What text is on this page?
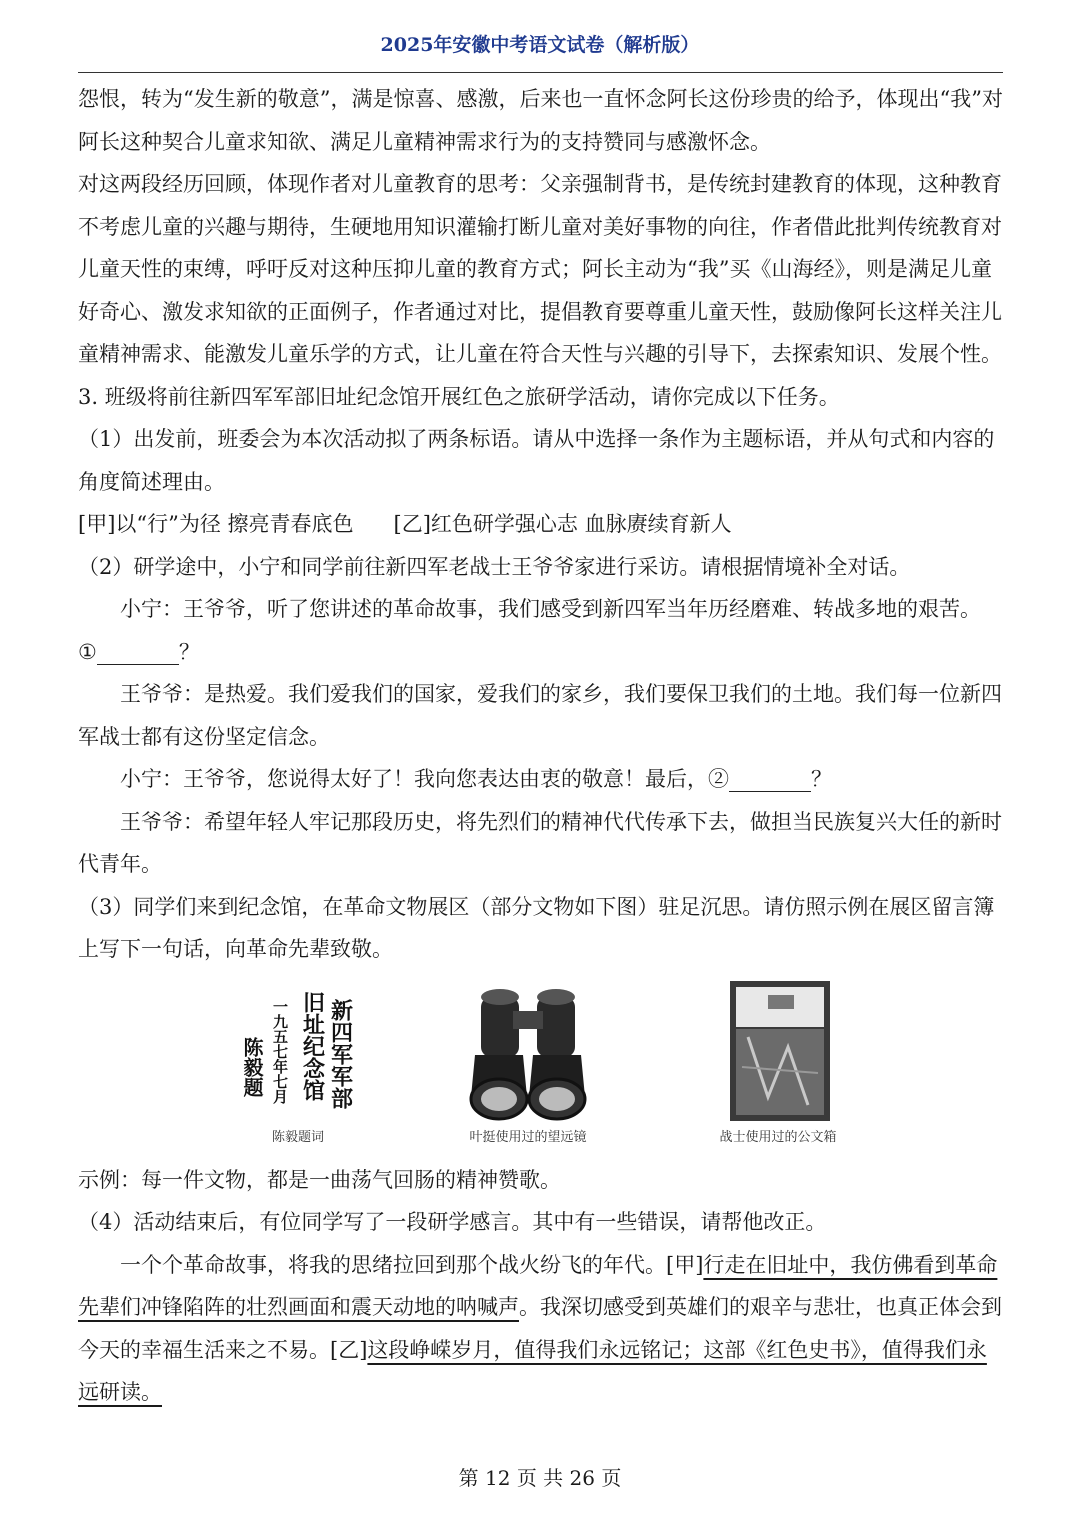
2025年安徽中考语文试卷（解析版）

怨恨，转为“发生新的敬意”，满是惊喜、感激，后来也一直怀念阿长这份珍贵的给予，体现出“我”对阿长这种契合儿童求知欲、满足儿童精神需求行为的支持赞同与感激怀念。

对这两段经历回顾，体现作者对儿童教育的思考：父亲强制背书，是传统封建教育的体现，这种教育不考虑儿童的兴趣与期待，生硬地用知识灌输打断儿童对美好事物的向往，作者借此批判传统教育对儿童天性的束缚，呼吁反对这种压抑儿童的教育方式；阿长主动为“我”买《山海经》，则是满足儿童好奇心、激发求知欲的正面例子，作者通过对比，提倡教育要尊重儿童天性，鼓励像阿长这样关注儿童精神需求、能激发儿童乐学的方式，让儿童在符合天性与兴趣的引导下，去探索知识、发展个性。

3. 班级将前往新四军军部旧址纪念馆开展红色之旅研学活动，请你完成以下任务。

（1）出发前，班委会为本次活动拟了两条标语。请从中选择一条作为主题标语，并从句式和内容的角度简述理由。

[甲]以“行”为径 擦亮青春底色 [乙]红色研学强心志 血脉赓续育新人

（2）研学途中，小宁和同学前往新四军老战士王爷爷家进行采访。请根据情境补全对话。

小宁：王爷爷，听了您讲述的革命故事，我们感受到新四军当年历经磨难、转战多地的艰苦。

①	？

王爷爷：是热爱。我们爱我们的国家，爱我们的家乡，我们要保卫我们的土地。我们每一位新四军战士都有这份坚定信念。

小宁：王爷爷，您说得太好了！我向您表达由衷的敬意！最后，②	？

王爷爷：希望年轻人牢记那段历史，将先烈们的精神代代传承下去，做担当民族复兴大任的新时代青年。

（3）同学们来到纪念馆，在革命文物展区（部分文物如下图）驻足沉思。请仿照示例在展区留言簿上写下一句话，向革命先辈致敬。

新四军军部
旧址纪念馆
一九五七年七月
陈毅题
陈毅题词	叶挺使用过的望远镜	战士使用过的公文箱

示例：每一件文物，都是一曲荡气回肠的精神赞歌。

（4）活动结束后，有位同学写了一段研学感言。其中有一些错误，请帮他改正。

一个个革命故事，将我的思绪拉回到那个战火纷飞的年代。[甲]行走在旧址中，我仿佛看到革命先辈们冲锋陷阵的壮烈画面和震天动地的呐喊声。我深切感受到英雄们的艰辛与悲壮，也真正体会到今天的幸福生活来之不易。[乙]这段峥嵘岁月，值得我们永远铭记；这部《红色史书》，值得我们永远研读。

第 12 页 共 26 页
